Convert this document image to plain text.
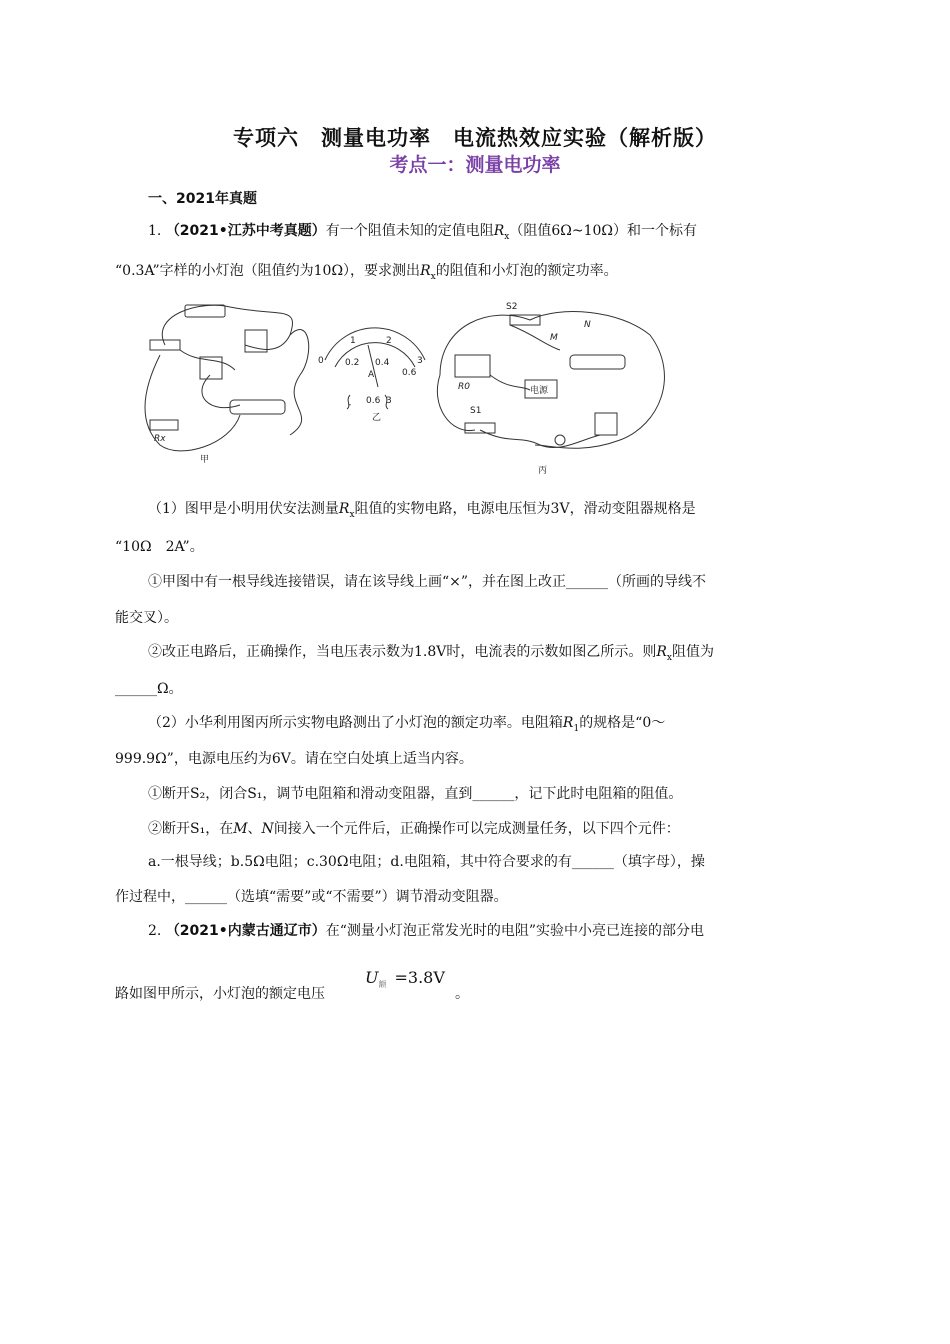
专项六　测量电功率　电流热效应实验（解析版）
考点一：测量电功率
一、2021年真题
1. （2021•江苏中考真题）有一个阻值未知的定值电阻$R_x$（阻值6Ω~10Ω）和一个标有
“0.3A”字样的小灯泡（阻值约为10Ω），要求测出$R_x$的阻值和小灯泡的额定功率。
甲
Rx
乙
0
1	2
3
0.2 0.4
0.6
A
- 0.6 3
丙
S2
S1
M
N
R0	电源
（1）图甲是小明用伏安法测量$R_x$阻值的实物电路，电源电压恒为3V，滑动变阻器规格是
“10Ω　2A”。
①甲图中有一根导线连接错误，请在该导线上画“×”，并在图上改正______（所画的导线不
能交叉）。
②改正电路后，正确操作，当电压表示数为1.8V时，电流表的示数如图乙所示。则$R_x$阻值为
______Ω。
（2）小华利用图丙所示实物电路测出了小灯泡的额定功率。电阻箱$R_1$的规格是“0～
999.9Ω”，电源电压约为6V。请在空白处填上适当内容。
①断开S₂，闭合S₁，调节电阻箱和滑动变阻器，直到______，记下此时电阻箱的阻值。
②断开S₁，在M、N间接入一个元件后，正确操作可以完成测量任务，以下四个元件：
a.一根导线；b.5Ω电阻；c.30Ω电阻；d.电阻箱，其中符合要求的有______（填字母），操
作过程中，______（选填“需要”或“不需要”）调节滑动变阻器。
2. （2021•内蒙古通辽市）在“测量小灯泡正常发光时的电阻”实验中小亮已连接的部分电
路如图甲所示，小灯泡的额定电压
$U_额 =3.8V$
。
